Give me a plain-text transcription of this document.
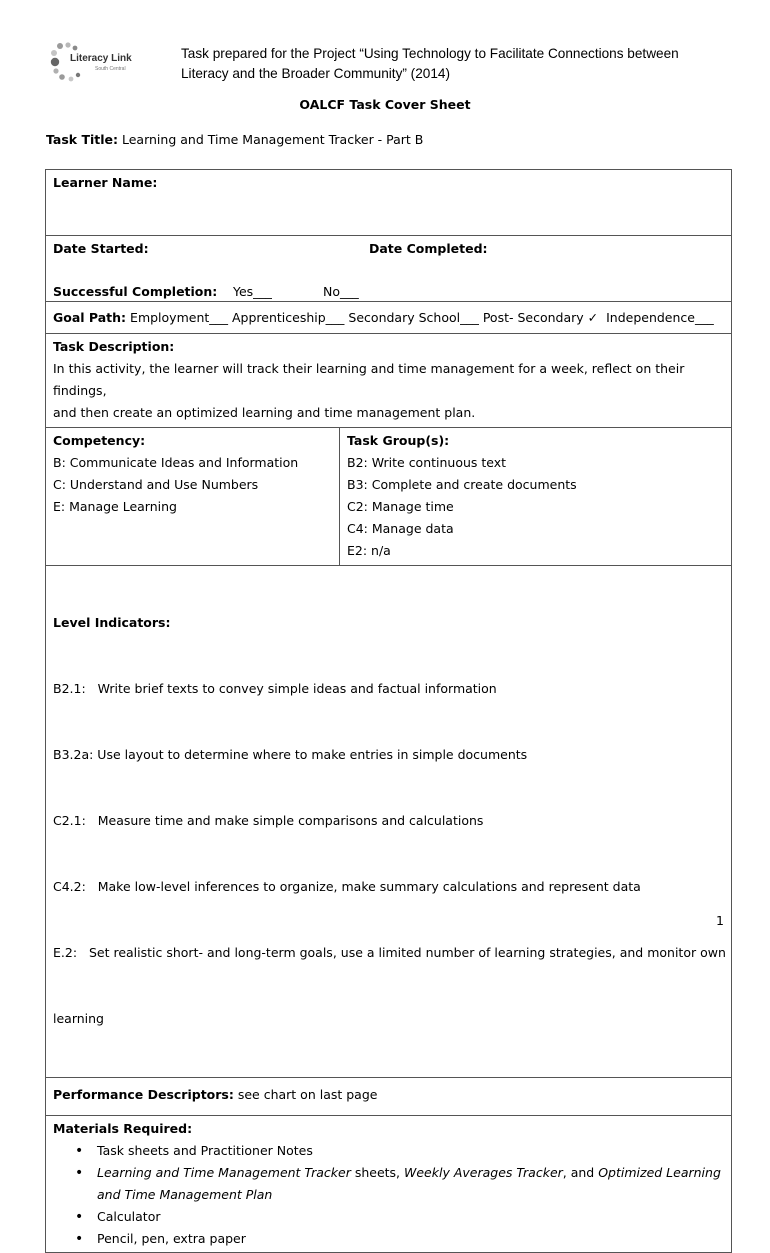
Literacy Link
South Central
Task prepared for the Project “Using Technology to Facilitate Connections between
Literacy and the Broader Community” (2014)
OALCF Task Cover Sheet
Task Title: Learning and Time Management Tracker - Part B
Learner Name:
Date Started:	Date Completed:
Successful Completion: Yes___	No___
Goal Path: Employment___ Apprenticeship___ Secondary School___ Post- Secondary ✓ Independence___
Task Description:
In this activity, the learner will track their learning and time management for a week, reflect on their findings,
and then create an optimized learning and time management plan.
Competency:
B: Communicate Ideas and Information
C: Understand and Use Numbers
E: Manage Learning
Task Group(s):
B2: Write continuous text
B3: Complete and create documents
C2: Manage time
C4: Manage data
E2: n/a

Level Indicators:

B2.1:   Write brief texts to convey simple ideas and factual information

B3.2a: Use layout to determine where to make entries in simple documents

C2.1:   Measure time and make simple comparisons and calculations

C4.2:   Make low-level inferences to organize, make summary calculations and represent data

E.2:   Set realistic short- and long-term goals, use a limited number of learning strategies, and monitor own

learning

Performance Descriptors: see chart on last page
Materials Required:
• Task sheets and Practitioner Notes
• Learning and Time Management Tracker sheets, Weekly Averages Tracker, and Optimized Learning
and Time Management Plan
• Calculator
• Pencil, pen, extra paper
1
